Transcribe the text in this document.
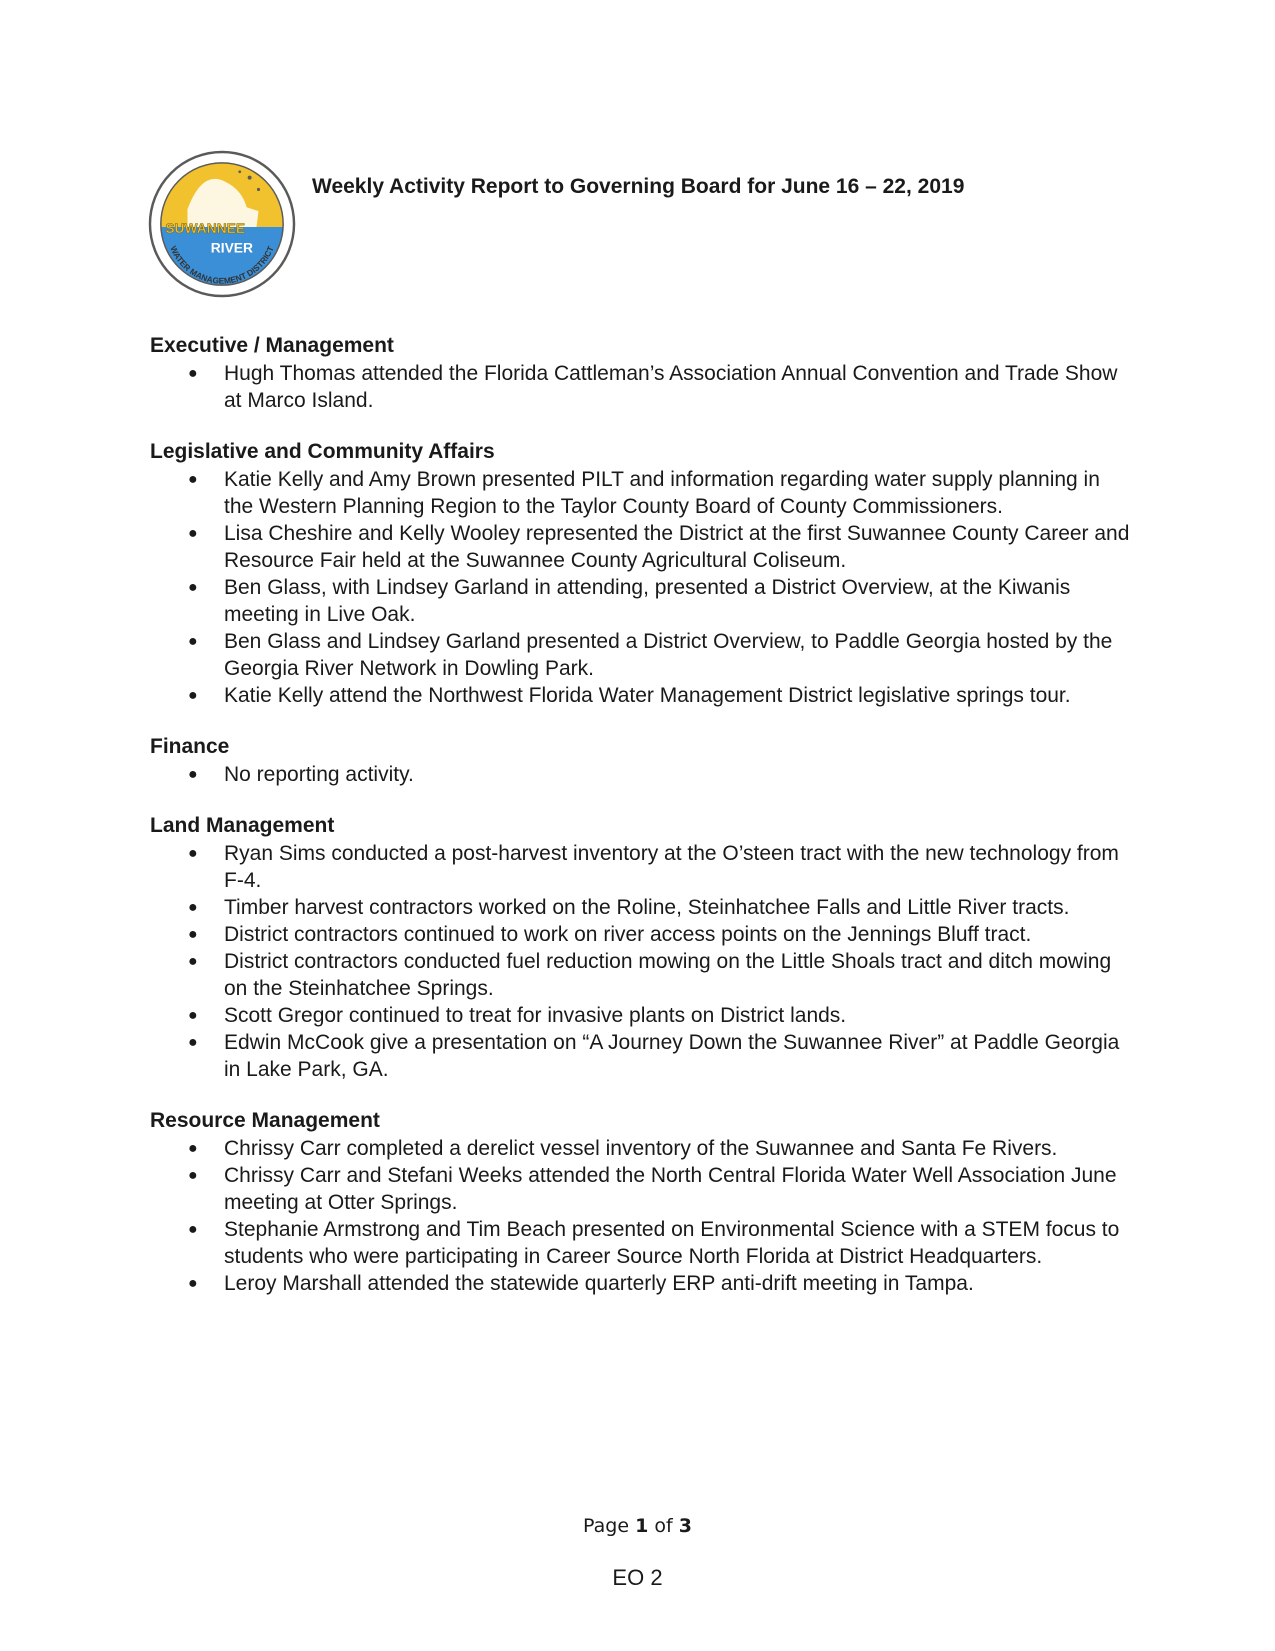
SUWANNEE
RIVER
WATER MANAGEMENT DISTRICT
Weekly Activity Report to Governing Board for June 16 – 22, 2019
Executive / Management
● Hugh Thomas attended the Florida Cattleman’s Association Annual Convention and Trade Show at Marco Island.
Legislative and Community Affairs
● Katie Kelly and Amy Brown presented PILT and information regarding water supply planning in the Western Planning Region to the Taylor County Board of County Commissioners.
● Lisa Cheshire and Kelly Wooley represented the District at the first Suwannee County Career and Resource Fair held at the Suwannee County Agricultural Coliseum.
● Ben Glass, with Lindsey Garland in attending, presented a District Overview, at the Kiwanis meeting in Live Oak.
● Ben Glass and Lindsey Garland presented a District Overview, to Paddle Georgia hosted by the Georgia River Network in Dowling Park.
● Katie Kelly attend the Northwest Florida Water Management District legislative springs tour.
Finance
● No reporting activity.
Land Management
● Ryan Sims conducted a post-harvest inventory at the O’steen tract with the new technology from F-4.
● Timber harvest contractors worked on the Roline, Steinhatchee Falls and Little River tracts.
● District contractors continued to work on river access points on the Jennings Bluff tract.
● District contractors conducted fuel reduction mowing on the Little Shoals tract and ditch mowing on the Steinhatchee Springs.
● Scott Gregor continued to treat for invasive plants on District lands.
● Edwin McCook give a presentation on “A Journey Down the Suwannee River” at Paddle Georgia in Lake Park, GA.
Resource Management
● Chrissy Carr completed a derelict vessel inventory of the Suwannee and Santa Fe Rivers.
● Chrissy Carr and Stefani Weeks attended the North Central Florida Water Well Association June meeting at Otter Springs.
● Stephanie Armstrong and Tim Beach presented on Environmental Science with a STEM focus to students who were participating in Career Source North Florida at District Headquarters.
● Leroy Marshall attended the statewide quarterly ERP anti-drift meeting in Tampa.
Page 1 of 3
EO 2
